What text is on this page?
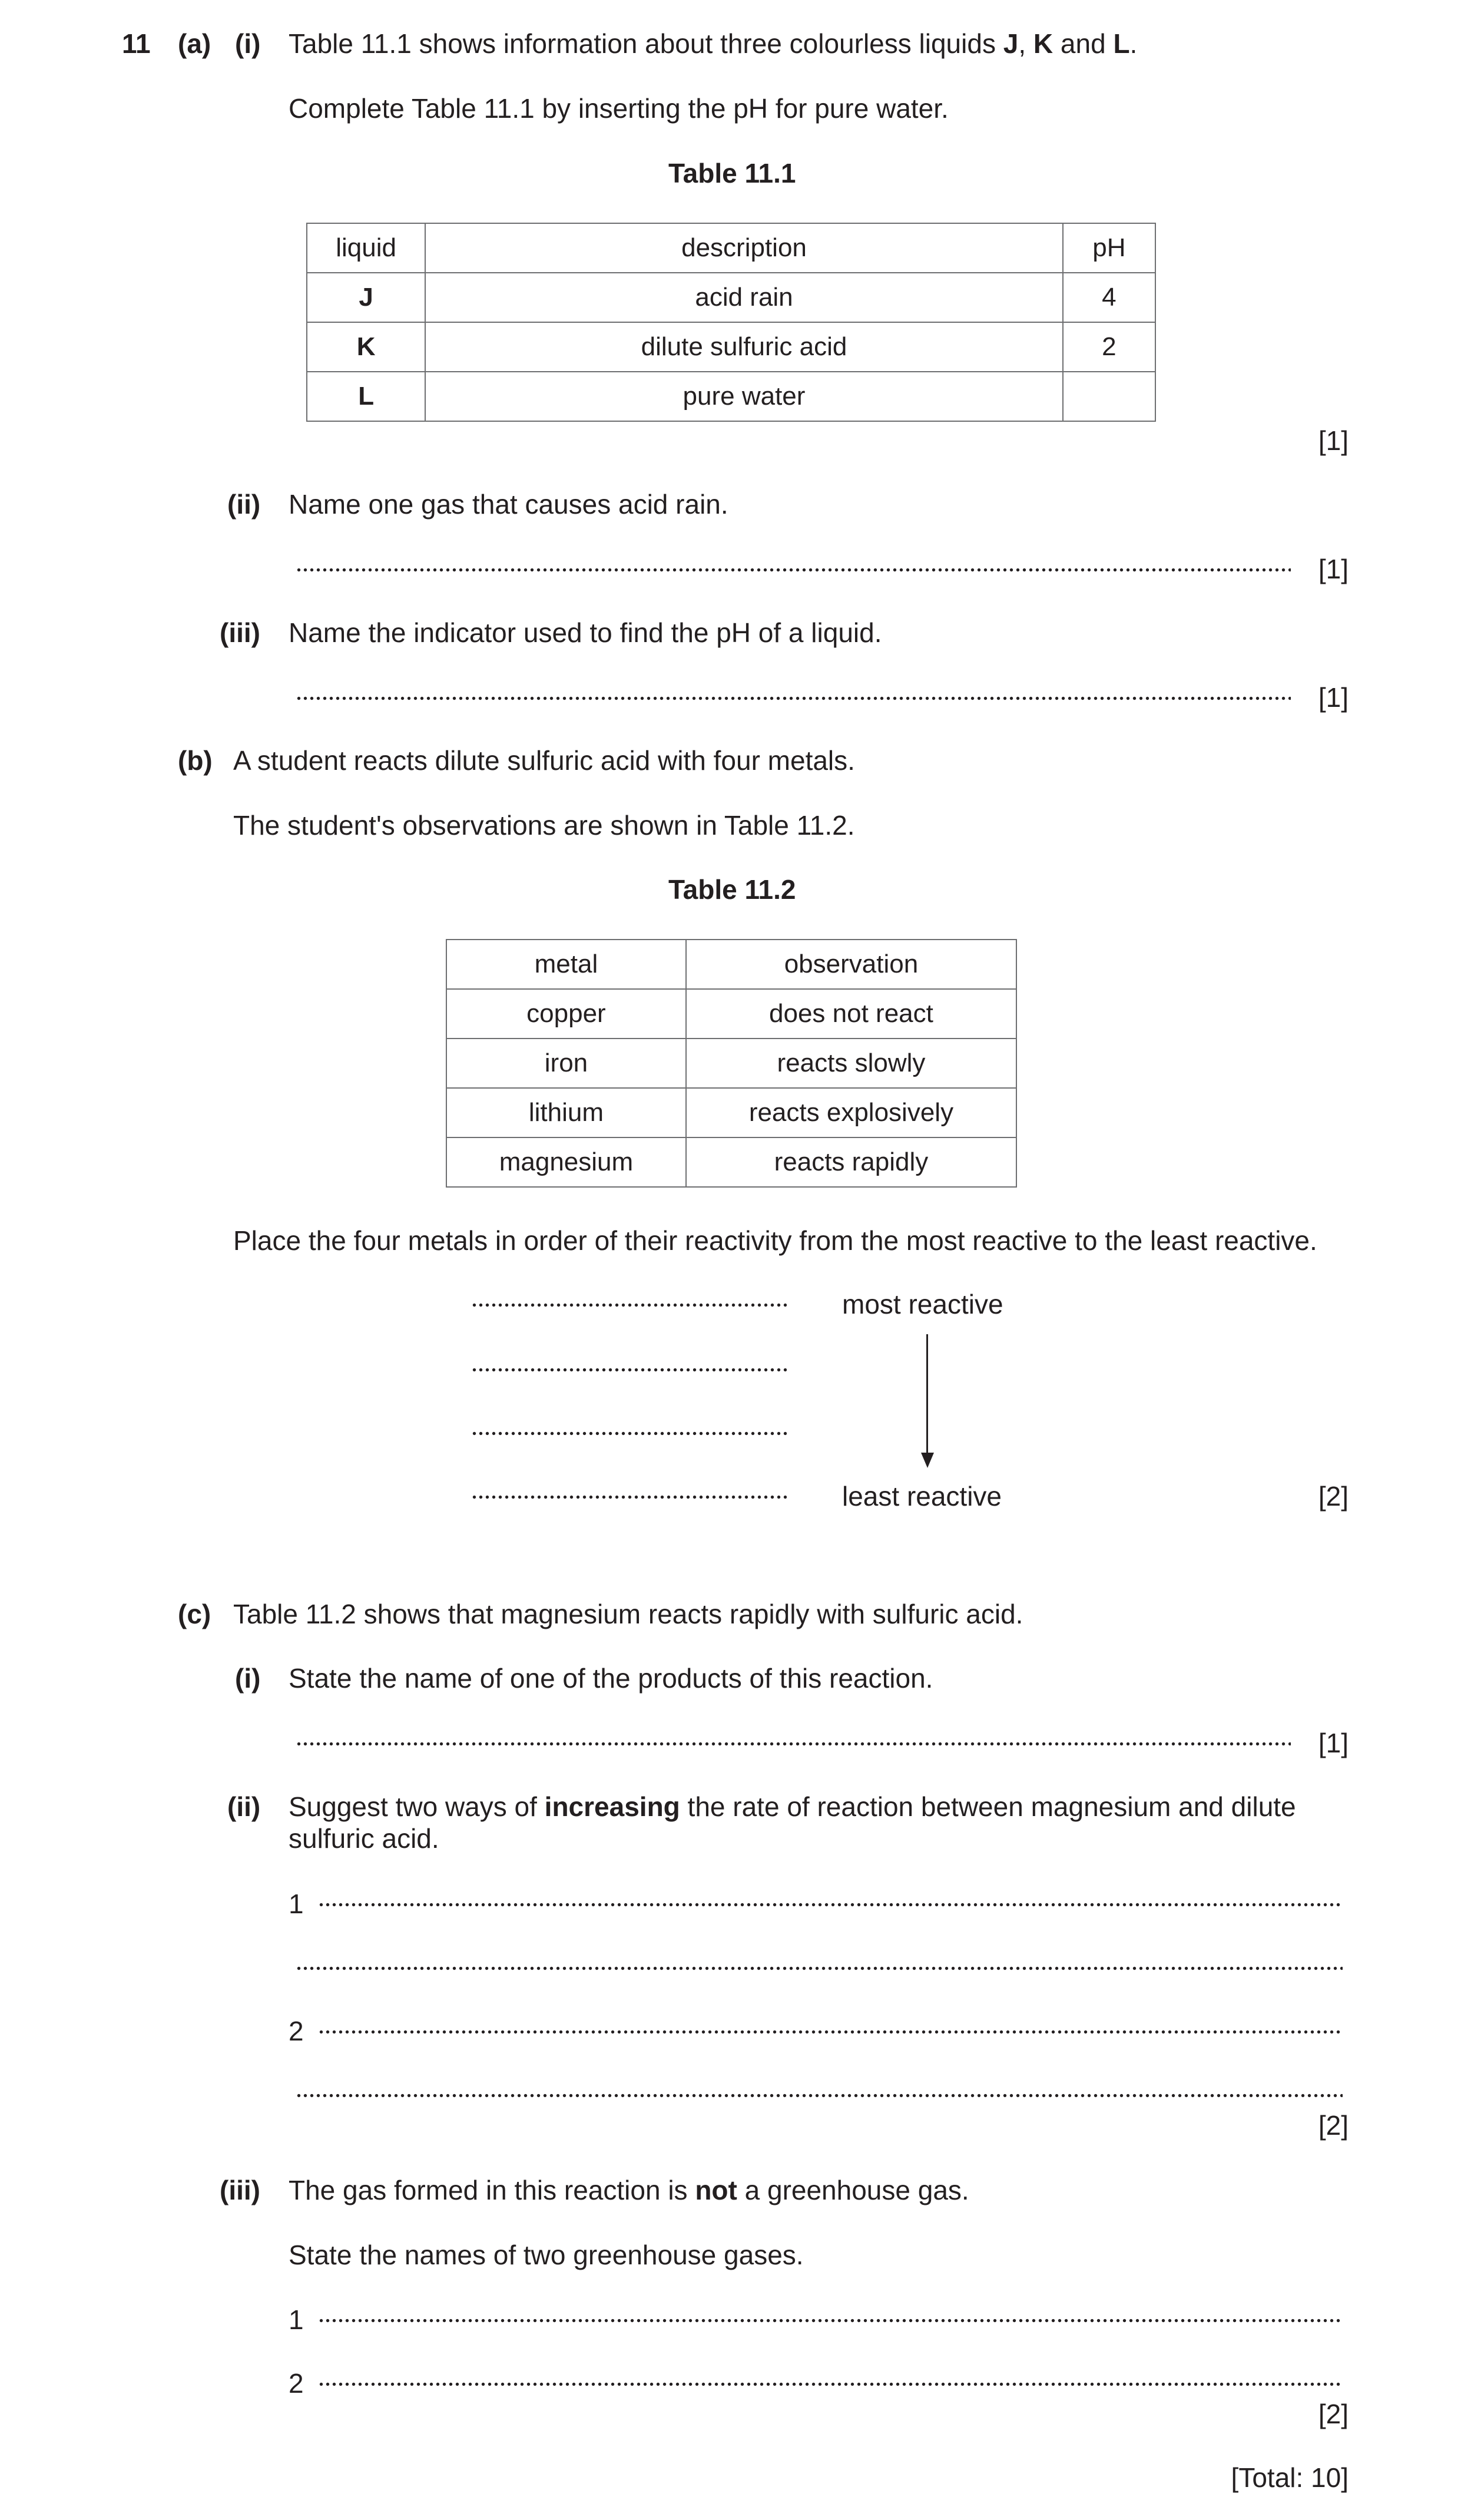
11 (a) (i) Table 11.1 shows information about three colourless liquids J, K and L.
Complete Table 11.1 by inserting the pH for pure water.
Table 11.1
liquid	description	pH
J	acid rain	4
K	dilute sulfuric acid	2
L	pure water	
[1]
(ii) Name one gas that causes acid rain.
[1]
(iii) Name the indicator used to find the pH of a liquid.
[1]
(b) A student reacts dilute sulfuric acid with four metals.
The student's observations are shown in Table 11.2.
Table 11.2
metal	observation
copper	does not react
iron	reacts slowly
lithium	reacts explosively
magnesium	reacts rapidly
Place the four metals in order of their reactivity from the most reactive to the least reactive.
most reactive
least reactive	[2]
(c) Table 11.2 shows that magnesium reacts rapidly with sulfuric acid.
(i) State the name of one of the products of this reaction.
[1]
(ii) Suggest two ways of increasing the rate of reaction between magnesium and dilute
sulfuric acid.
1
2
[2]
(iii) The gas formed in this reaction is not a greenhouse gas.
State the names of two greenhouse gases.
1
2
[2]
[Total: 10]
